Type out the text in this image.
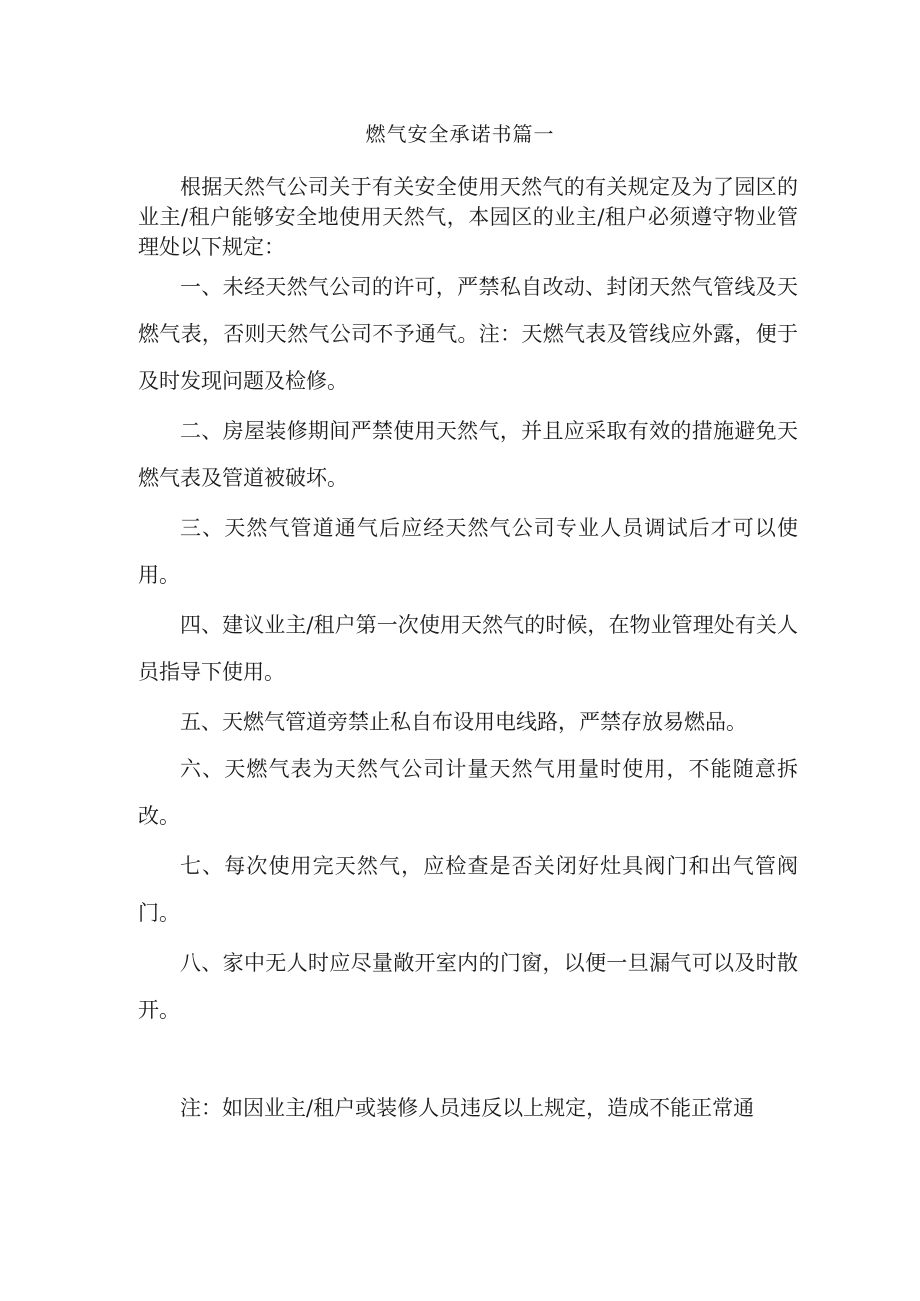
燃气安全承诺书篇一

根据天然气公司关于有关安全使用天然气的有关规定及为了园区的业主/租户能够安全地使用天然气，本园区的业主/租户必须遵守物业管理处以下规定：

一、未经天然气公司的许可，严禁私自改动、封闭天然气管线及天燃气表，否则天然气公司不予通气。注：天燃气表及管线应外露，便于及时发现问题及检修。

二、房屋装修期间严禁使用天然气，并且应采取有效的措施避免天燃气表及管道被破坏。

三、天然气管道通气后应经天然气公司专业人员调试后才可以使用。

四、建议业主/租户第一次使用天然气的时候，在物业管理处有关人员指导下使用。

五、天燃气管道旁禁止私自布设用电线路，严禁存放易燃品。

六、天燃气表为天然气公司计量天然气用量时使用，不能随意拆改。

七、每次使用完天然气，应检查是否关闭好灶具阀门和出气管阀门。

八、家中无人时应尽量敞开室内的门窗，以便一旦漏气可以及时散开。

注：如因业主/租户或装修人员违反以上规定，造成不能正常通
